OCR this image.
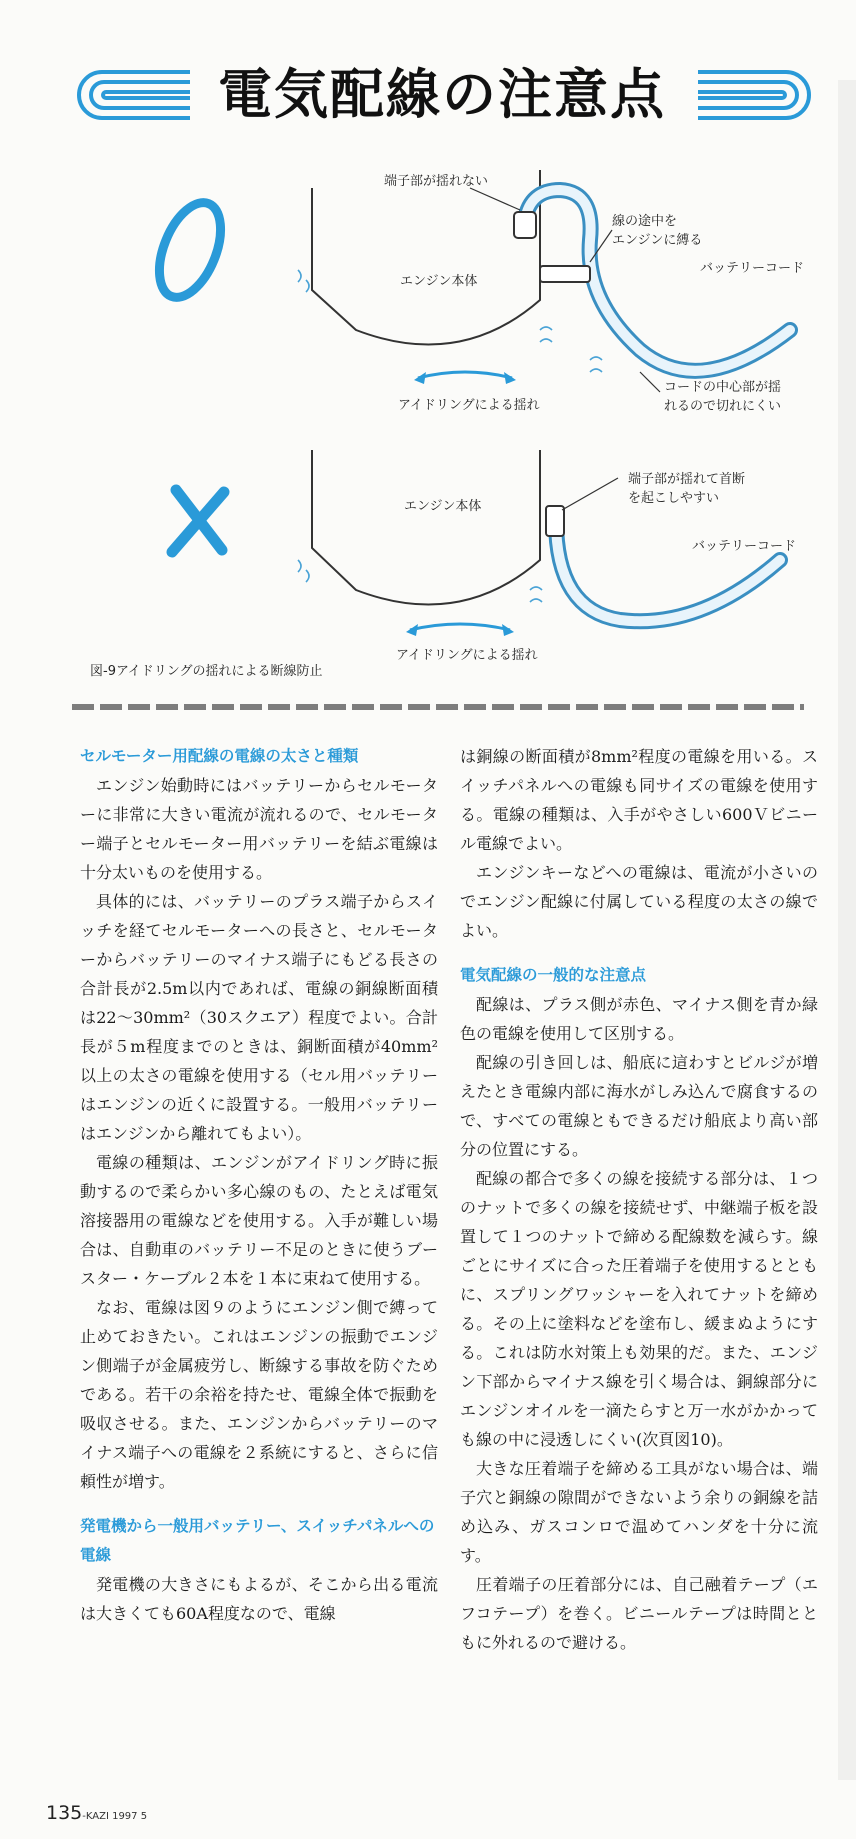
電気配線の注意点
端子部が揺れない
線の途中を
エンジンに縛る
エンジン本体
バッテリーコード
コードの中心部が揺
れるので切れにくい
アイドリングによる揺れ
端子部が揺れて首断
を起こしやすい
エンジン本体
バッテリーコード
アイドリングによる揺れ
図-9アイドリングの揺れによる断線防止
セルモーター用配線の電線の太さと種類

エンジン始動時にはバッテリーからセルモーターに非常に大きい電流が流れるので、セルモーター端子とセルモーター用バッテリーを結ぶ電線は十分太いものを使用する。

具体的には、バッテリーのプラス端子からスイッチを経てセルモーターへの長さと、セルモーターからバッテリーのマイナス端子にもどる長さの合計長が2.5m以内であれば、電線の銅線断面積は22〜30mm²（30スクエア）程度でよい。合計長が５m程度までのときは、銅断面積が40mm²以上の太さの電線を使用する（セル用バッテリーはエンジンの近くに設置する。一般用バッテリーはエンジンから離れてもよい）。

電線の種類は、エンジンがアイドリング時に振動するので柔らかい多心線のもの、たとえば電気溶接器用の電線などを使用する。入手が難しい場合は、自動車のバッテリー不足のときに使うブースター・ケーブル２本を１本に束ねて使用する。

なお、電線は図９のようにエンジン側で縛って止めておきたい。これはエンジンの振動でエンジン側端子が金属疲労し、断線する事故を防ぐためである。若干の余裕を持たせ、電線全体で振動を吸収させる。また、エンジンからバッテリーのマイナス端子への電線を２系統にすると、さらに信頼性が増す。

発電機から一般用バッテリー、スイッチパネルへの電線

発電機の大きさにもよるが、そこから出る電流は大きくても60A程度なので、電線

は銅線の断面積が8mm²程度の電線を用いる。スイッチパネルへの電線も同サイズの電線を使用する。電線の種類は、入手がやさしい600Ｖビニール電線でよい。

エンジンキーなどへの電線は、電流が小さいのでエンジン配線に付属している程度の太さの線でよい。

電気配線の一般的な注意点

配線は、プラス側が赤色、マイナス側を青か緑色の電線を使用して区別する。

配線の引き回しは、船底に這わすとビルジが増えたとき電線内部に海水がしみ込んで腐食するので、すべての電線ともできるだけ船底より高い部分の位置にする。

配線の都合で多くの線を接続する部分は、１つのナットで多くの線を接続せず、中継端子板を設置して１つのナットで締める配線数を減らす。線ごとにサイズに合った圧着端子を使用するとともに、スプリングワッシャーを入れてナットを締める。その上に塗料などを塗布し、緩まぬようにする。これは防水対策上も効果的だ。また、エンジン下部からマイナス線を引く場合は、銅線部分にエンジンオイルを一滴たらすと万一水がかかっても線の中に浸透しにくい(次頁図10)。

大きな圧着端子を締める工具がない場合は、端子穴と銅線の隙間ができないよう余りの銅線を詰め込み、ガスコンロで温めてハンダを十分に流す。

圧着端子の圧着部分には、自己融着テープ（エフコテープ）を巻く。ビニールテープは時間とともに外れるので避ける。

135-KAZI 1997 5
